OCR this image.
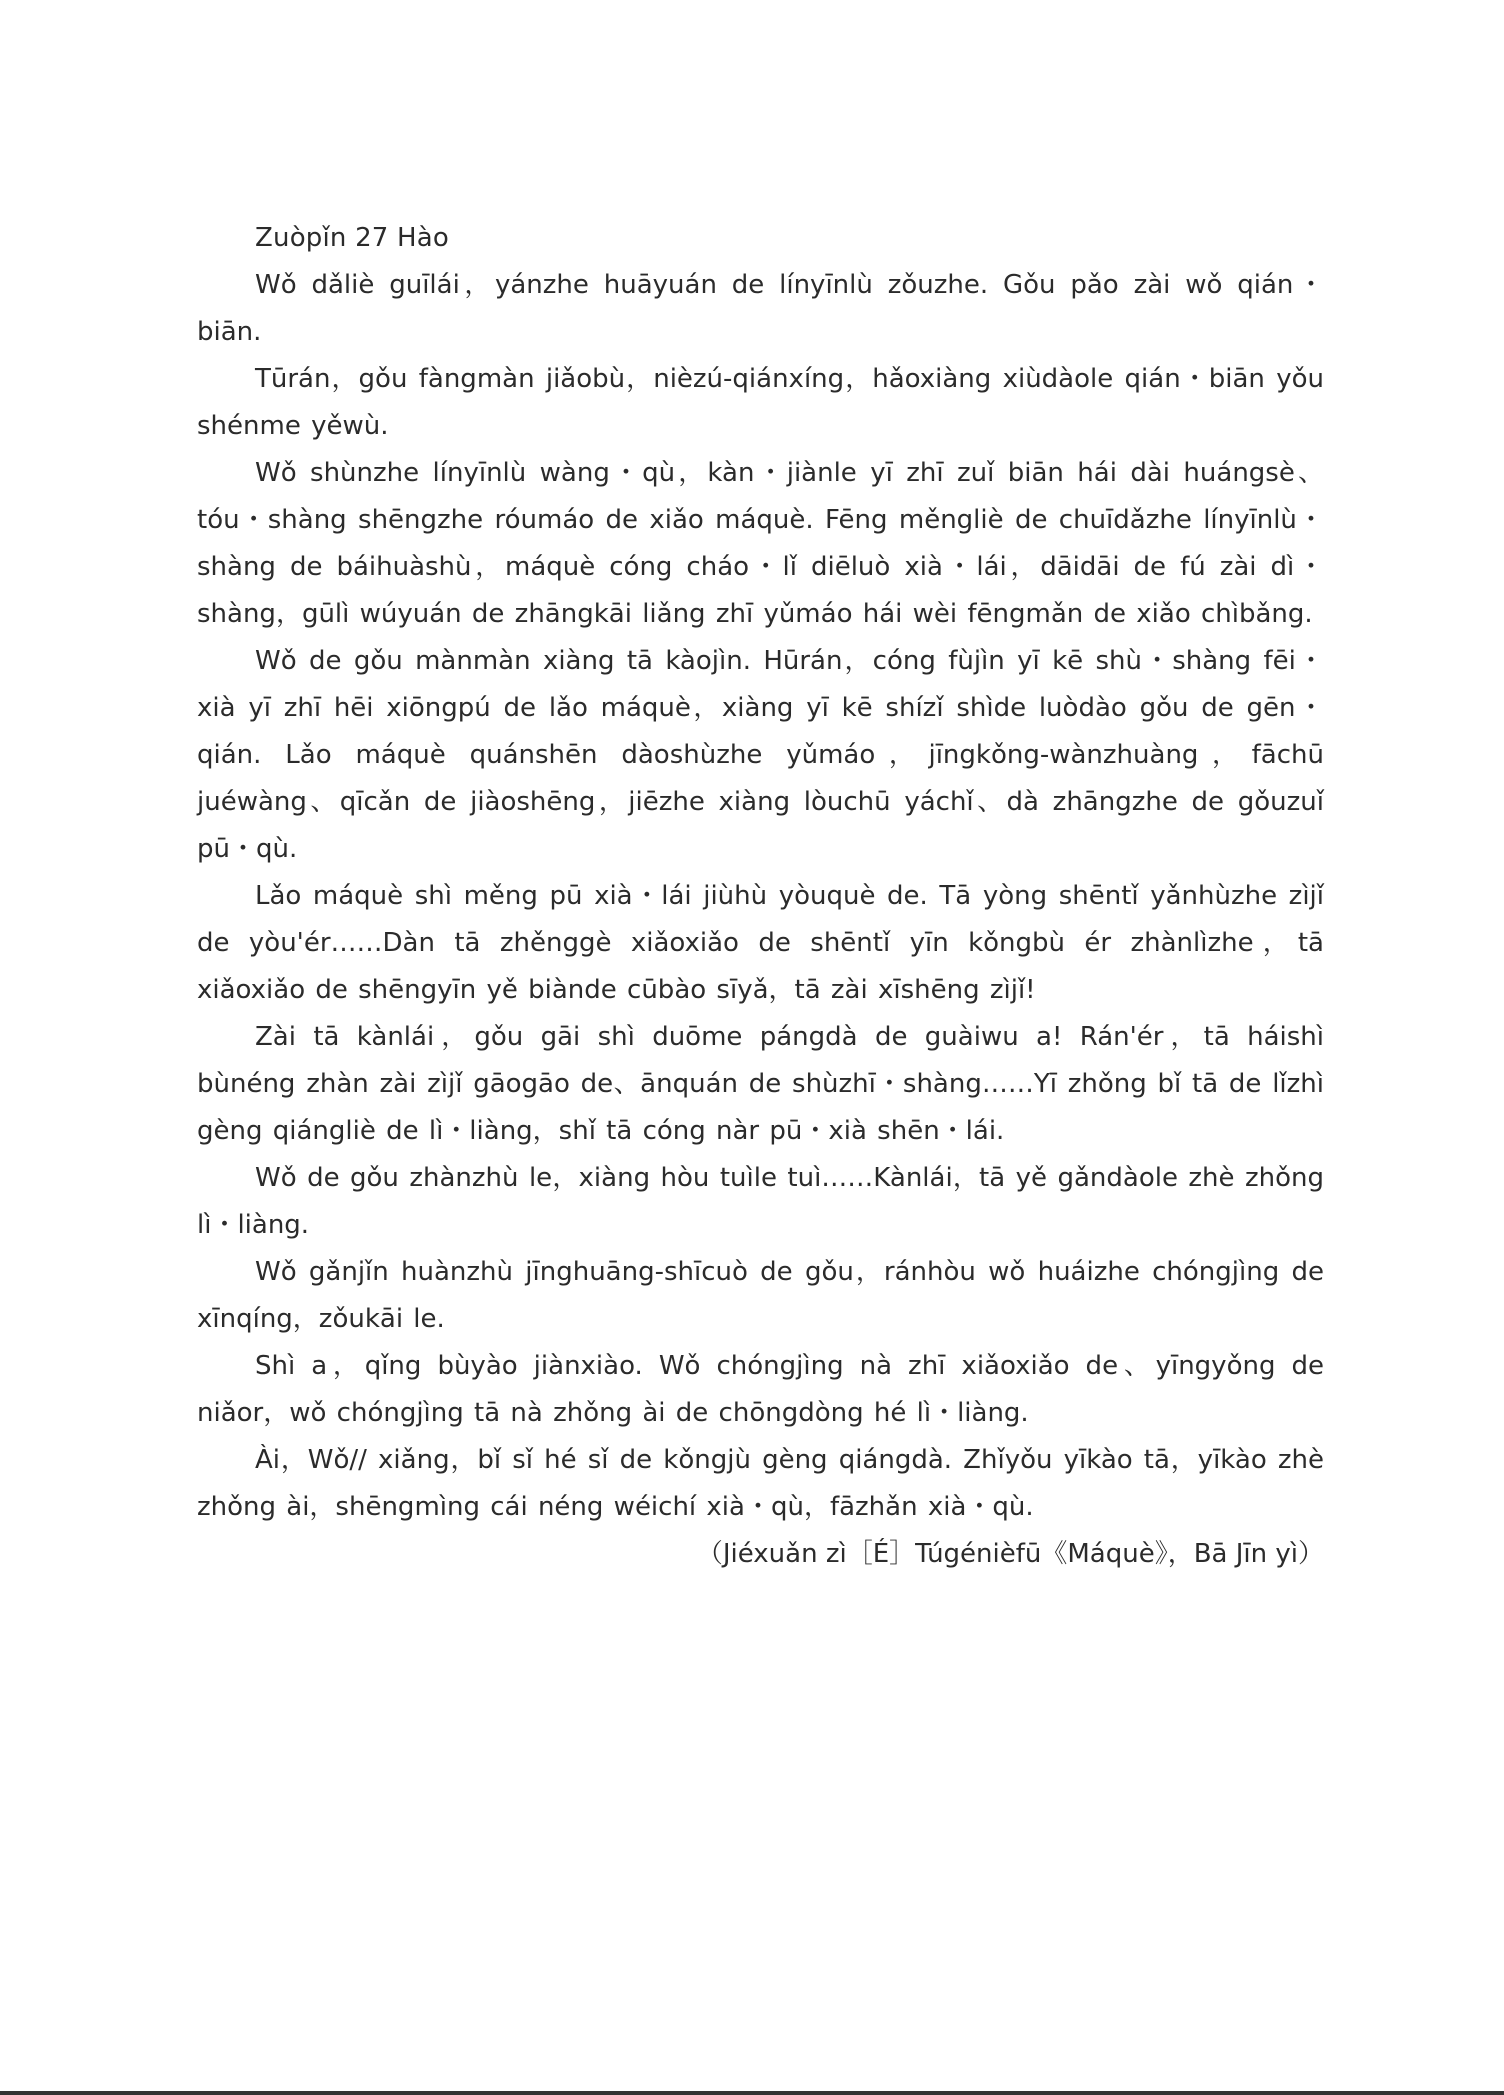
Zuòpǐn 27 Hào

Wǒ dǎliè guīlái，yánzhe huāyuán de línyīnlù zǒuzhe. Gǒu pǎo zài wǒ qián・biān.

Tūrán，gǒu fàngmàn jiǎobù，nièzú-qiánxíng，hǎoxiàng xiùdàole qián・biān yǒu shénme yěwù.

Wǒ shùnzhe línyīnlù wàng・qù，kàn・jiànle yī zhī zuǐ biān hái dài huángsè、tóu・shàng shēngzhe róumáo de xiǎo máquè. Fēng měngliè de chuīdǎzhe línyīnlù・shàng de báihuàshù，máquè cóng cháo・lǐ diēluò xià・lái，dāidāi de fú zài dì・shàng，gūlì wúyuán de zhāngkāi liǎng zhī yǔmáo hái wèi fēngmǎn de xiǎo chìbǎng.

Wǒ de gǒu mànmàn xiàng tā kàojìn. Hūrán，cóng fùjìn yī kē shù・shàng fēi・xià yī zhī hēi xiōngpú de lǎo máquè，xiàng yī kē shízǐ shìde luòdào gǒu de gēn・qián. Lǎo máquè quánshēn dàoshùzhe yǔmáo，jīngkǒng-wànzhuàng，fāchū juéwàng、qīcǎn de jiàoshēng，jiēzhe xiàng lòuchū yáchǐ、dà zhāngzhe de gǒuzuǐ pū・qù.

Lǎo máquè shì měng pū xià・lái jiùhù yòuquè de. Tā yòng shēntǐ yǎnhùzhe zìjǐ de yòu'ér……Dàn tā zhěnggè xiǎoxiǎo de shēntǐ yīn kǒngbù ér zhànlìzhe，tā xiǎoxiǎo de shēngyīn yě biànde cūbào sīyǎ，tā zài xīshēng zìjǐ!

Zài tā kànlái，gǒu gāi shì duōme pángdà de guàiwu a! Rán'ér，tā háishì bùnéng zhàn zài zìjǐ gāogāo de、ānquán de shùzhī・shàng……Yī zhǒng bǐ tā de lǐzhì gèng qiángliè de lì・liàng，shǐ tā cóng nàr pū・xià shēn・lái.

Wǒ de gǒu zhànzhù le，xiàng hòu tuìle tuì……Kànlái，tā yě gǎndàole zhè zhǒng lì・liàng.

Wǒ gǎnjǐn huànzhù jīnghuāng-shīcuò de gǒu，ránhòu wǒ huáizhe chóngjìng de xīnqíng，zǒukāi le.

Shì a，qǐng bùyào jiànxiào. Wǒ chóngjìng nà zhī xiǎoxiǎo de、yīngyǒng de niǎor，wǒ chóngjìng tā nà zhǒng ài de chōngdòng hé lì・liàng.

Ài，Wǒ// xiǎng，bǐ sǐ hé sǐ de kǒngjù gèng qiángdà. Zhǐyǒu yīkào tā，yīkào zhè zhǒng ài，shēngmìng cái néng wéichí xià・qù，fāzhǎn xià・qù.

（Jiéxuǎn zì［É］Túgénièfū《Máquè》，Bā Jīn yì）
